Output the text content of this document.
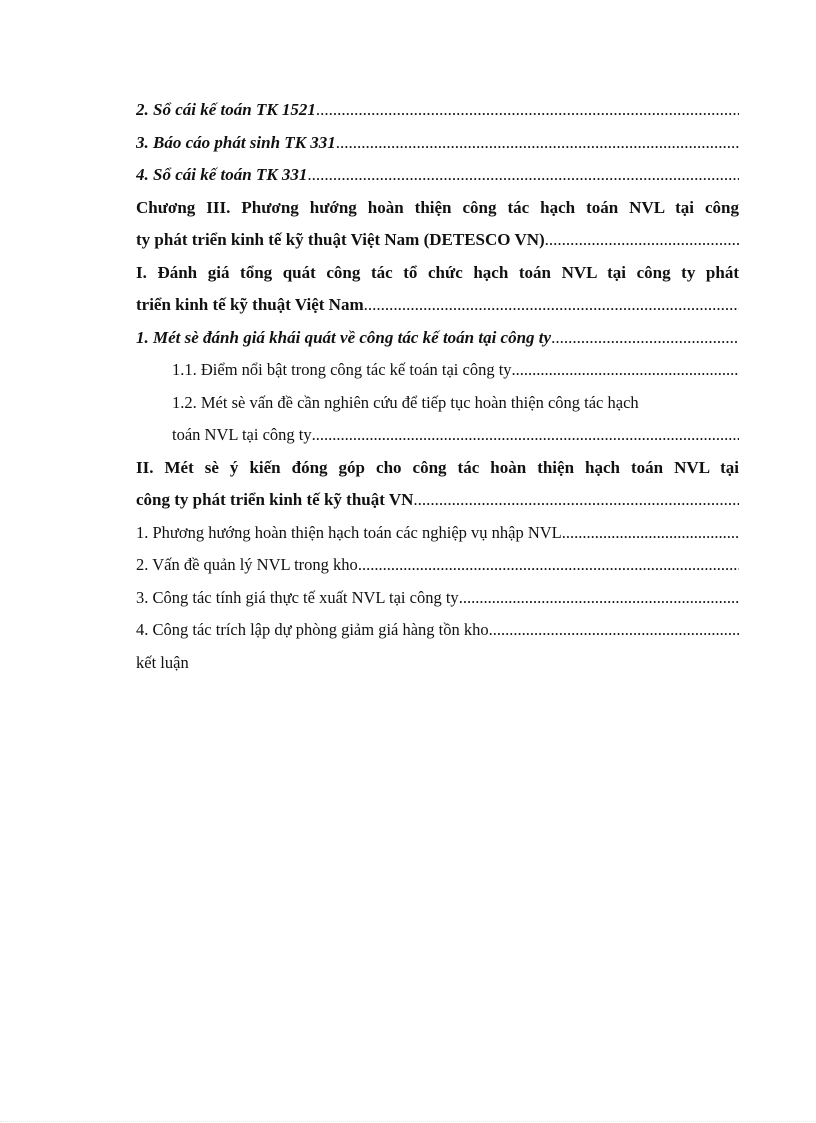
2. Sổ cái kế toán TK 1521
.....
3. Báo cáo phát sinh TK 331
.....
4. Sổ cái kế toán TK 331
.....
Chương III. Phương hướng hoàn thiện công tác hạch toán NVL tại công
ty phát triển kinh tế kỹ thuật Việt Nam (DETESCO VN)
.....
I. Đánh giá tổng quát công tác tổ chức hạch toán NVL tại công ty phát
triển kinh tế kỹ thuật Việt Nam
.....
1. Mét sè đánh giá khái quát về công tác kế toán tại công ty
.....
1.1. Điểm nổi bật trong công tác kế toán tại công ty
.....
1.2. Mét sè vấn đề cần nghiên cứu để tiếp tục hoàn thiện công tác hạch
toán NVL tại công ty
.....
II. Mét sè ý kiến đóng góp cho công tác hoàn thiện hạch toán NVL tại
công ty phát triển kinh tế kỹ thuật VN
.....
1. Phương hướng hoàn thiện hạch toán các nghiệp vụ nhập NVL
.....
2. Vấn đề quản lý NVL trong kho
.....
3. Công tác tính giá thực tế xuất NVL tại công ty
.....
4. Công tác trích lập dự phòng giảm giá hàng tồn kho
.....
kết luận
